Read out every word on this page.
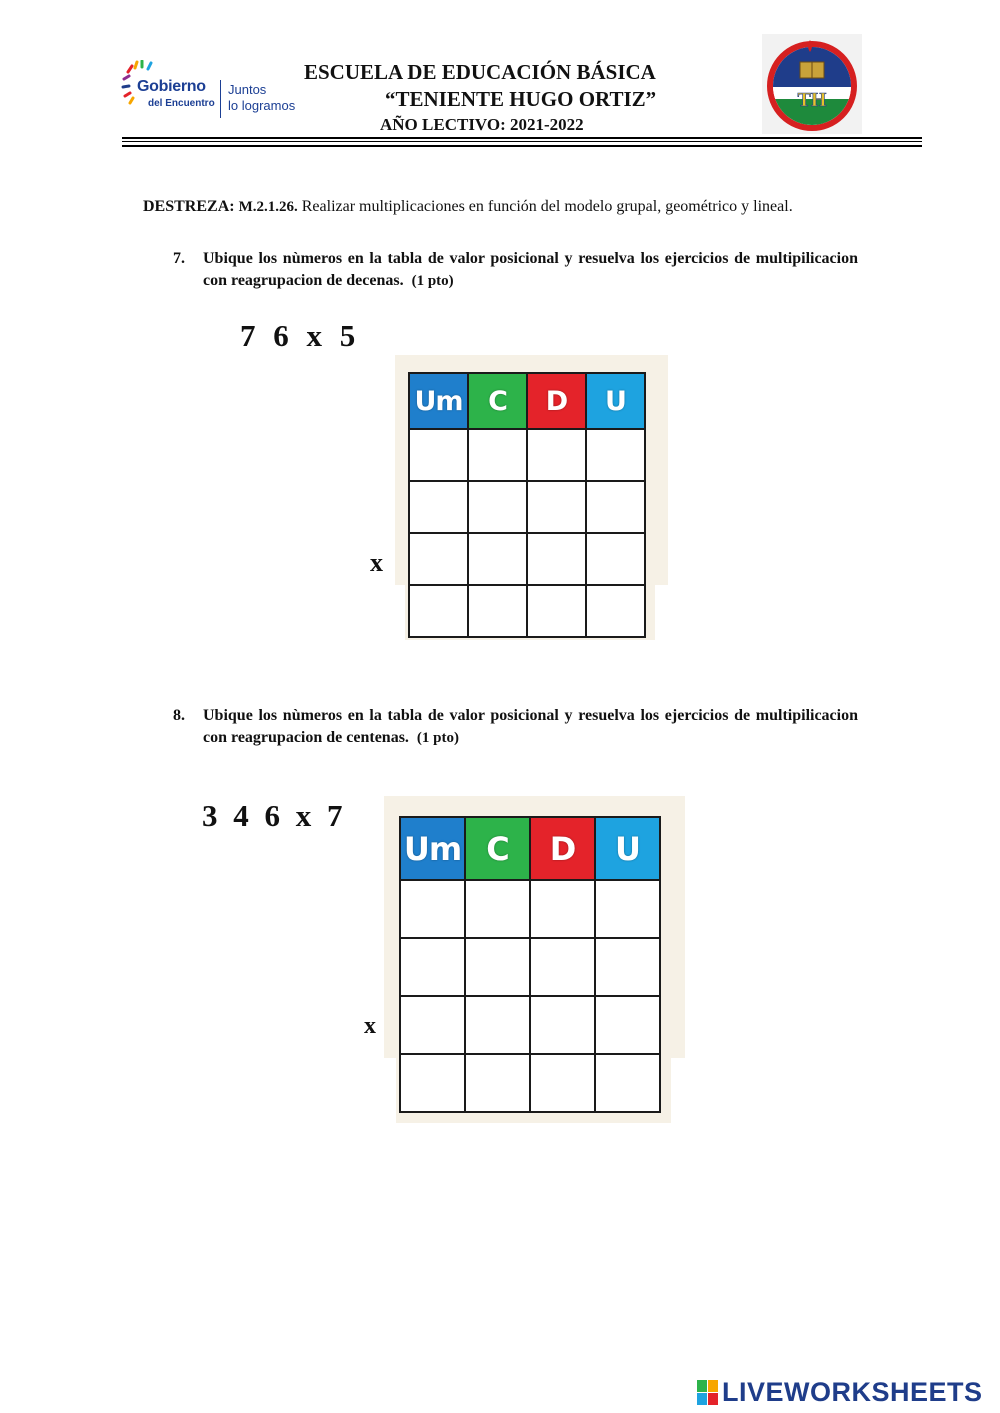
Gobierno
del Encuentro
Juntos
lo logramos
ESCUELA DE EDUCACIÓN BÁSICA
“TENIENTE HUGO ORTIZ”
AÑO LECTIVO: 2021-2022
TH
DESTREZA: M.2.1.26. Realizar multiplicaciones en función del modelo grupal, geométrico y lineal.
7. Ubique los nùmeros en la tabla de valor posicional y resuelva los ejercicios de multipilicacion con reagrupacion de decenas. (1 pto)
7 6 x 5
Um	C	D	U

x
8. Ubique los nùmeros en la tabla de valor posicional y resuelva los ejercicios de multipilicacion con reagrupacion de centenas. (1 pto)
3 4 6 x 7
Um	C	D	U

x
LIVEWORKSHEETS
